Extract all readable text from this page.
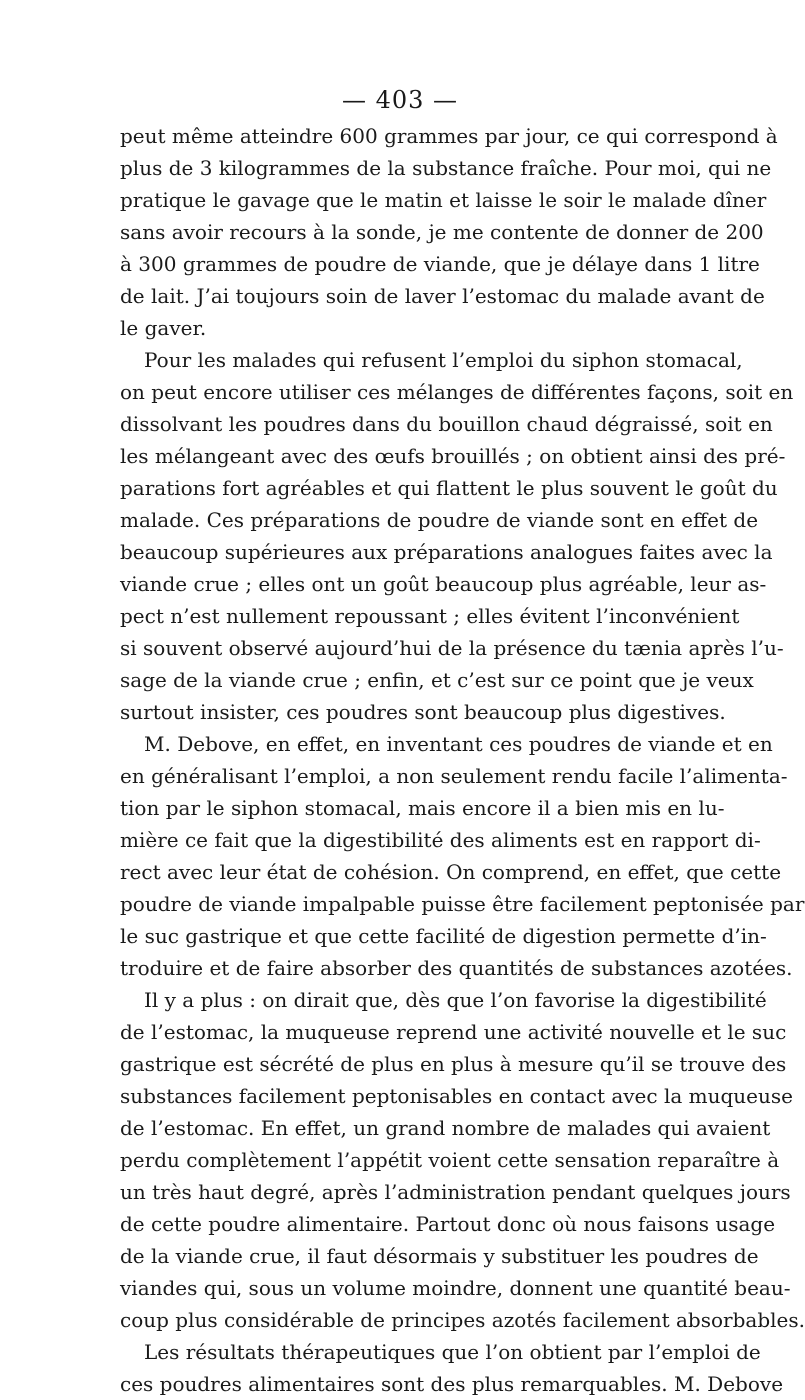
— 403 —
peut même atteindre 600 grammes par jour, ce qui correspond à
plus de 3 kilogrammes de la substance fraîche. Pour moi, qui ne
pratique le gavage que le matin et laisse le soir le malade dîner
sans avoir recours à la sonde, je me contente de donner de 200
à 300 grammes de poudre de viande, que je délaye dans 1 litre
de lait. J’ai toujours soin de laver l’estomac du malade avant de
le gaver.
Pour les malades qui refusent l’emploi du siphon stomacal,
on peut encore utiliser ces mélanges de différentes façons, soit en
dissolvant les poudres dans du bouillon chaud dégraissé, soit en
les mélangeant avec des œufs brouillés ; on obtient ainsi des pré-
parations fort agréables et qui flattent le plus souvent le goût du
malade. Ces préparations de poudre de viande sont en effet de
beaucoup supérieures aux préparations analogues faites avec la
viande crue ; elles ont un goût beaucoup plus agréable, leur as-
pect n’est nullement repoussant ; elles évitent l’inconvénient
si souvent observé aujourd’hui de la présence du tænia après l’u-
sage de la viande crue ; enfin, et c’est sur ce point que je veux
surtout insister, ces poudres sont beaucoup plus digestives.
M. Debove, en effet, en inventant ces poudres de viande et en
en généralisant l’emploi, a non seulement rendu facile l’alimenta-
tion par le siphon stomacal, mais encore il a bien mis en lu-
mière ce fait que la digestibilité des aliments est en rapport di-
rect avec leur état de cohésion. On comprend, en effet, que cette
poudre de viande impalpable puisse être facilement peptonisée par
le suc gastrique et que cette facilité de digestion permette d’in-
troduire et de faire absorber des quantités de substances azotées.
Il y a plus : on dirait que, dès que l’on favorise la digestibilité
de l’estomac, la muqueuse reprend une activité nouvelle et le suc
gastrique est sécrété de plus en plus à mesure qu’il se trouve des
substances facilement peptonisables en contact avec la muqueuse
de l’estomac. En effet, un grand nombre de malades qui avaient
perdu complètement l’appétit voient cette sensation reparaître à
un très haut degré, après l’administration pendant quelques jours
de cette poudre alimentaire. Partout donc où nous faisons usage
de la viande crue, il faut désormais y substituer les poudres de
viandes qui, sous un volume moindre, donnent une quantité beau-
coup plus considérable de principes azotés facilement absorbables.
Les résultats thérapeutiques que l’on obtient par l’emploi de
ces poudres alimentaires sont des plus remarquables. M. Debove
